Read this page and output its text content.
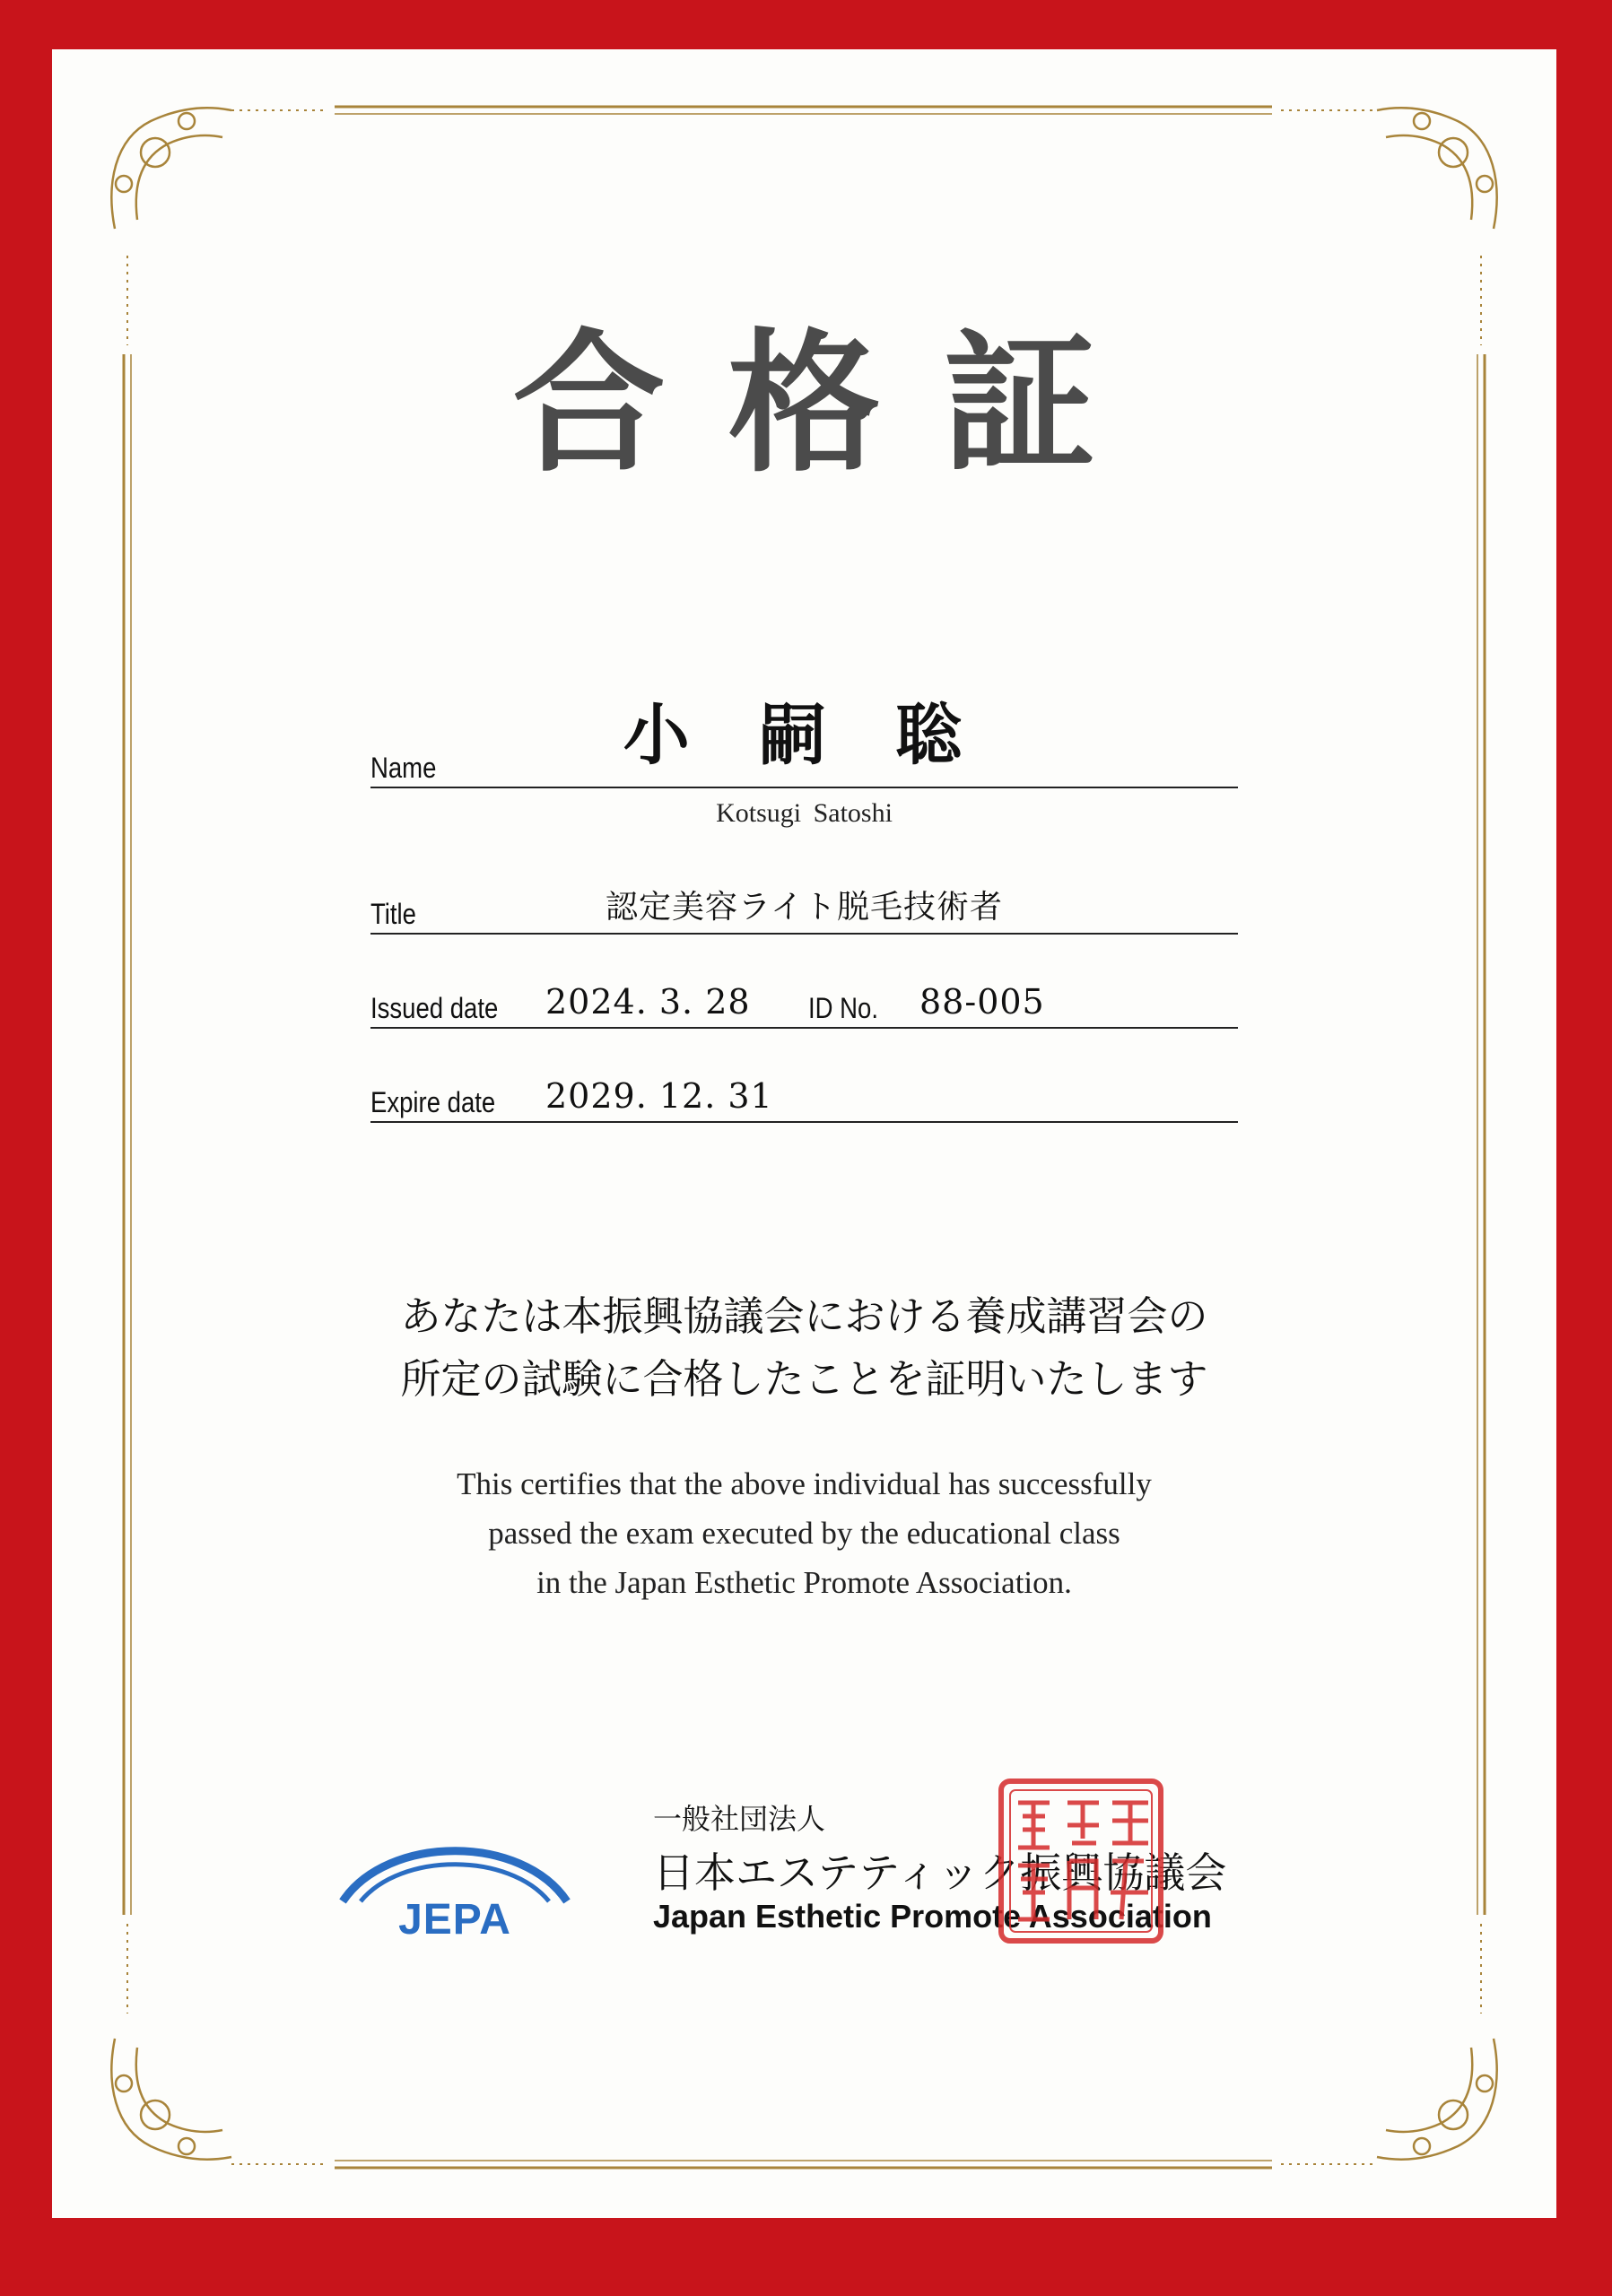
合格証
Name	小 嗣 聡
Kotsugi Satoshi
Title	認定美容ライト脱毛技術者
Issued date 2024. 3. 28 ID No. 88-005
Expire date 2029. 12. 31
あなたは本振興協議会における養成講習会の
所定の試験に合格したことを証明いたします
This certifies that the above individual has successfully
passed the exam executed by the educational class
in the Japan Esthetic Promote Association.
JEPA
一般社団法人
日本エステティック振興協議会
Japan Esthetic Promote Association
